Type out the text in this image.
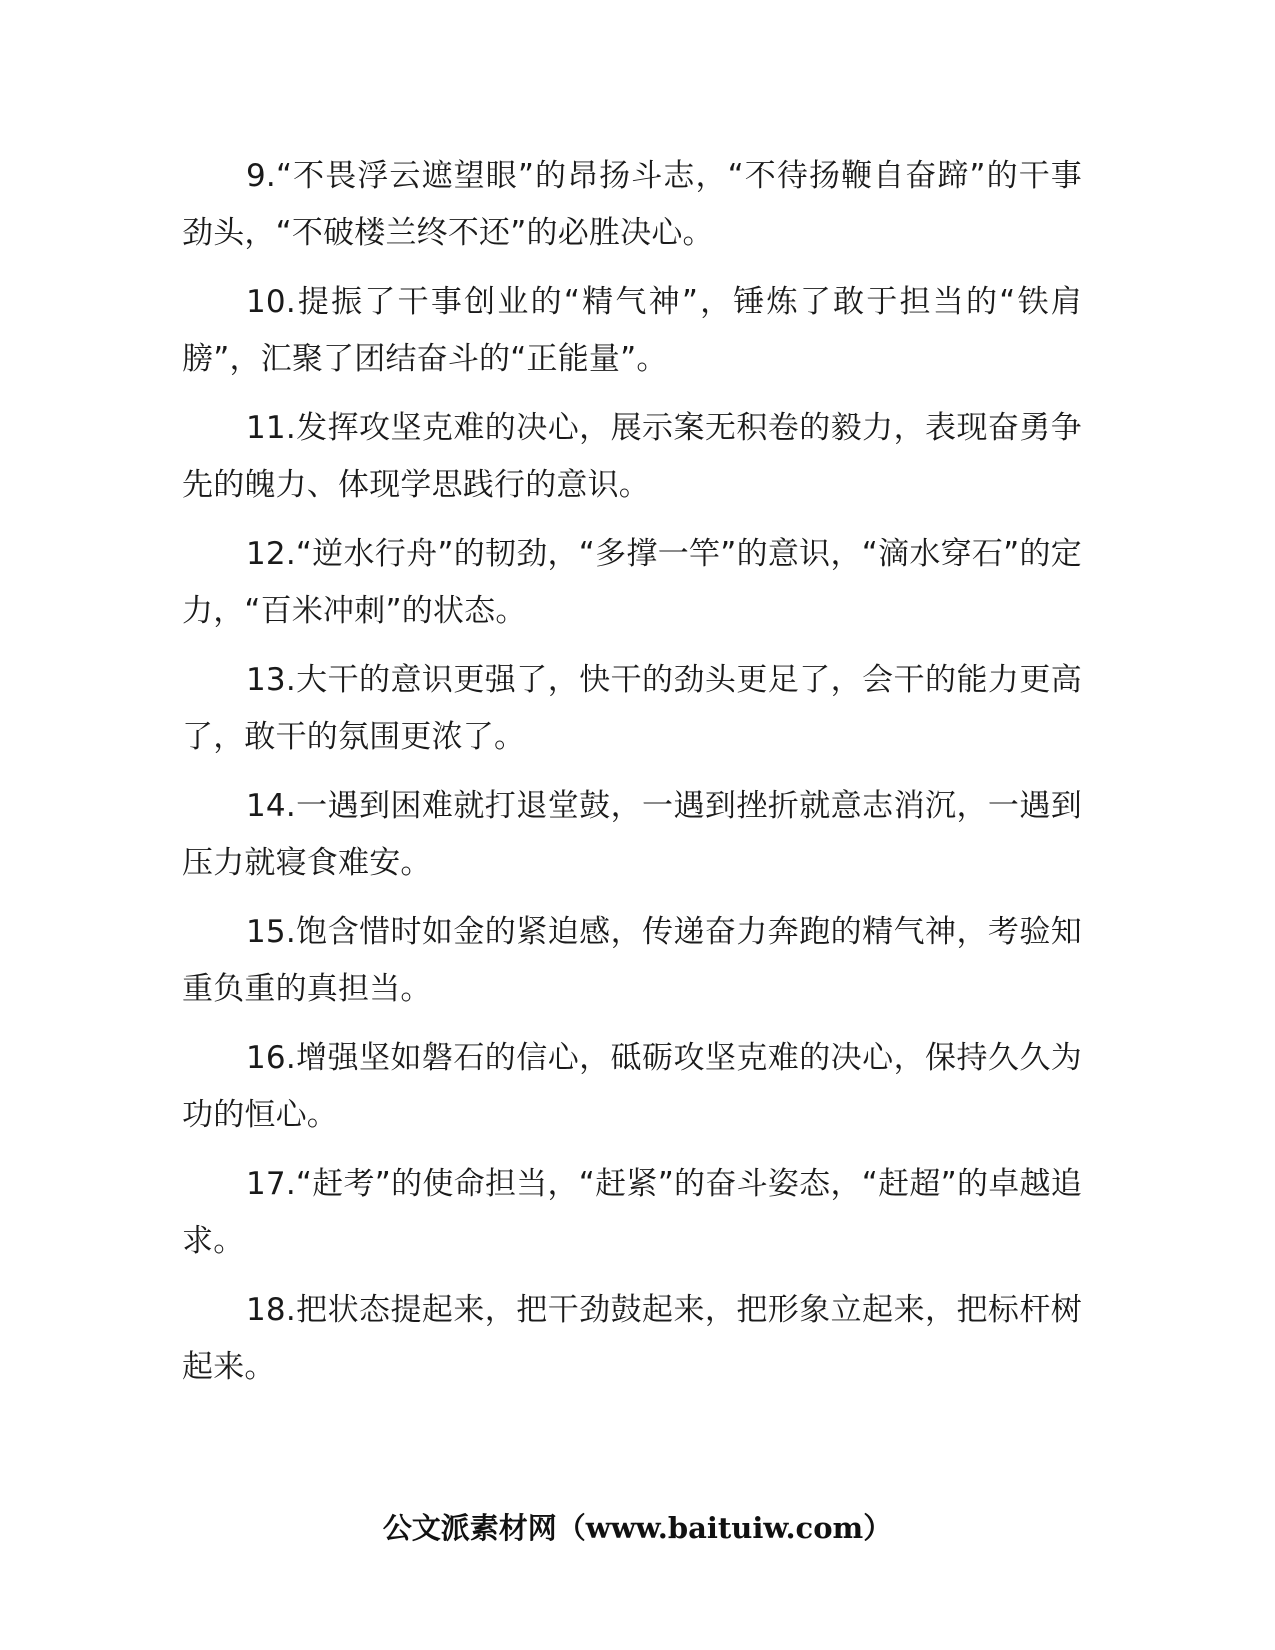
9.“不畏浮云遮望眼”的昂扬斗志，“不待扬鞭自奋蹄”的干事劲头，“不破楼兰终不还”的必胜决心。

10.提振了干事创业的“精气神”，锤炼了敢于担当的“铁肩膀”，汇聚了团结奋斗的“正能量”。

11.发挥攻坚克难的决心，展示案无积卷的毅力，表现奋勇争先的魄力、体现学思践行的意识。

12.“逆水行舟”的韧劲，“多撑一竿”的意识，“滴水穿石”的定力，“百米冲刺”的状态。

13.大干的意识更强了，快干的劲头更足了，会干的能力更高了，敢干的氛围更浓了。

14.一遇到困难就打退堂鼓，一遇到挫折就意志消沉，一遇到压力就寝食难安。

15.饱含惜时如金的紧迫感，传递奋力奔跑的精气神，考验知重负重的真担当。

16.增强坚如磐石的信心，砥砺攻坚克难的决心，保持久久为功的恒心。

17.“赶考”的使命担当，“赶紧”的奋斗姿态，“赶超”的卓越追求。

18.把状态提起来，把干劲鼓起来，把形象立起来，把标杆树起来。

公文派素材网（www.baituiw.com）
